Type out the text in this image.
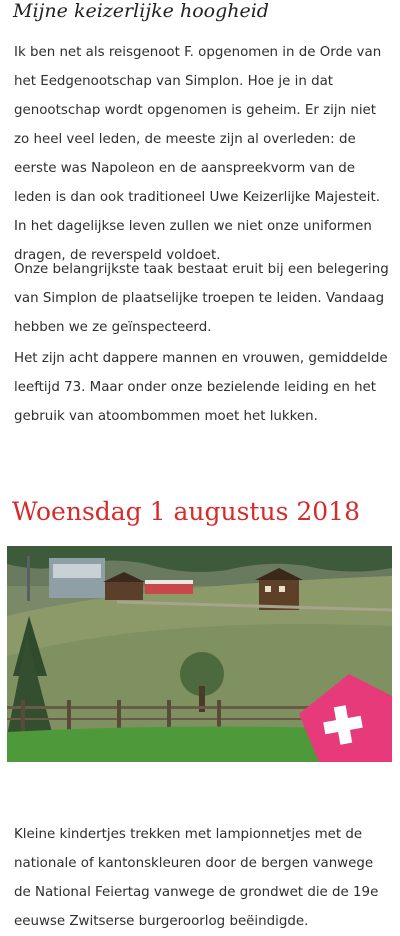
Mijne keizerlijke hoogheid

Ik ben net als reisgenoot F. opgenomen in de Orde van het Eedgenootschap van Simplon. Hoe je in dat genootschap wordt opgenomen is geheim. Er zijn niet zo heel veel leden, de meeste zijn al overleden: de eerste was Napoleon en de aanspreekvorm van de leden is dan ook traditioneel Uwe Keizerlijke Majesteit. In het dagelijkse leven zullen we niet onze uniformen dragen, de reverspeld voldoet.

Onze belangrijkste taak bestaat eruit bij een belegering van Simplon de plaatselijke troepen te leiden. Vandaag hebben we ze geïnspecteerd.

Het zijn acht dappere mannen en vrouwen, gemiddelde leeftijd 73. Maar onder onze bezielende leiding en het gebruik van atoombommen moet het lukken.

Woensdag 1 augustus 2018

Kleine kindertjes trekken met lampionnetjes met de nationale of kantonskleuren door de bergen vanwege de National Feiertag vanwege de grondwet die de 19e eeuwse Zwitserse burgeroorlog beëindigde.
